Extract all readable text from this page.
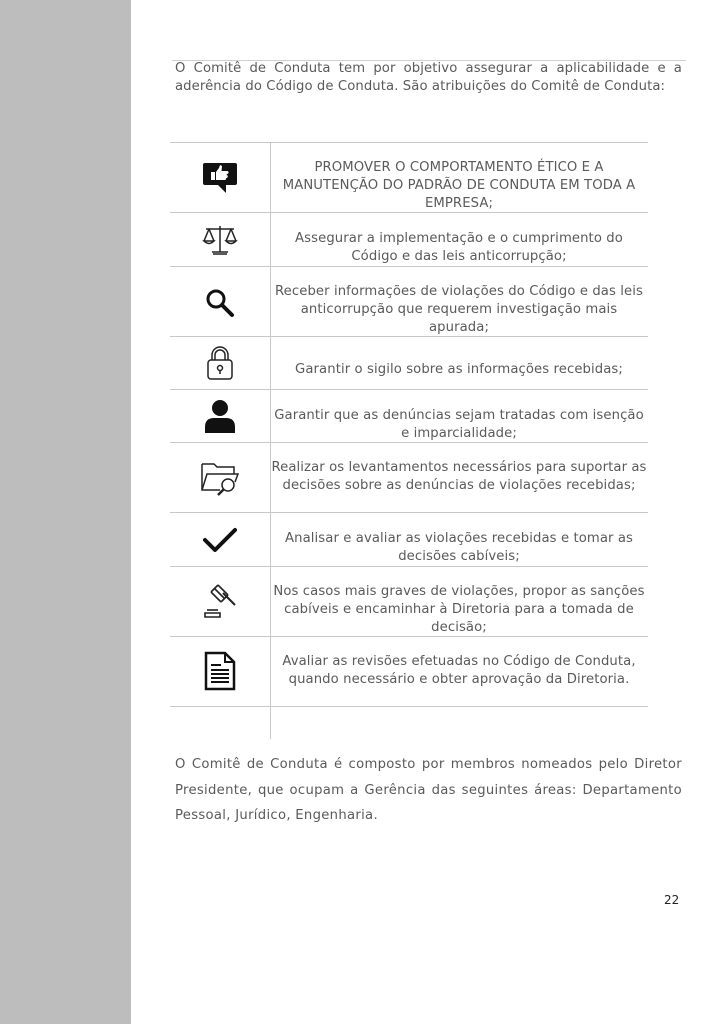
O Comitê de Conduta tem por objetivo assegurar a aplicabilidade e a aderência do Código de Conduta. São atribuições do Comitê de Conduta:

PROMOVER O COMPORTAMENTO ÉTICO E A MANUTENÇÃO DO PADRÃO DE CONDUTA EM TODA A EMPRESA;
Assegurar a implementação e o cumprimento do Código e das leis anticorrupção;
Receber informações de violações do Código e das leis anticorrupção que requerem investigação mais apurada;
Garantir o sigilo sobre as informações recebidas;
Garantir que as denúncias sejam tratadas com isenção e imparcialidade;
Realizar os levantamentos necessários para suportar as decisões sobre as denúncias de violações recebidas;
Analisar e avaliar as violações recebidas e tomar as decisões cabíveis;
Nos casos mais graves de violações, propor as sanções cabíveis e encaminhar à Diretoria para a tomada de decisão;
Avaliar as revisões efetuadas no Código de Conduta, quando necessário e obter aprovação da Diretoria.

O Comitê de Conduta é composto por membros nomeados pelo Diretor Presidente, que ocupam a Gerência das seguintes áreas: Departamento Pessoal, Jurídico, Engenharia.

22
